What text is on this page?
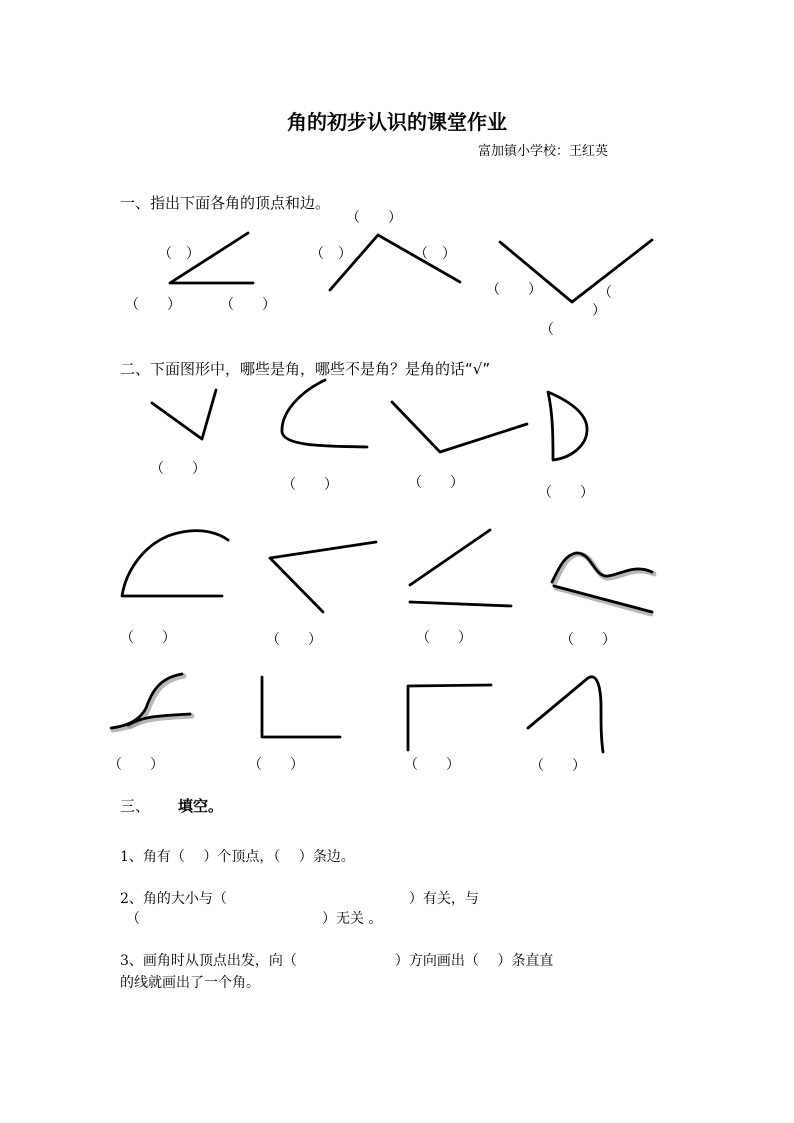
角的初步认识的课堂作业
富加镇小学校：王红英
一、指出下面各角的顶点和边。
（　）
（　　）	（　　）
（　　）
（　）	（　）
（　　）	（
）
（
二、下面图形中，哪些是角，哪些不是角？是角的话“√”
（　　）
（　　）	（　　）
（　　）
（　　）	（　　）	（　　）	（　　）
（　　）	（　　）	（　　）	（　　）
三、 填空。
1、角有（　 ）个顶点，（　 ）条边。
2、角的大小与（　　　　　　　　　　　　　）有关，与
（　　　　　　　　　　　　　）无关 。
3、画角时从顶点出发，向（　　　　　　　）方向画出（　 ）条直直
的线就画出了一个角。
